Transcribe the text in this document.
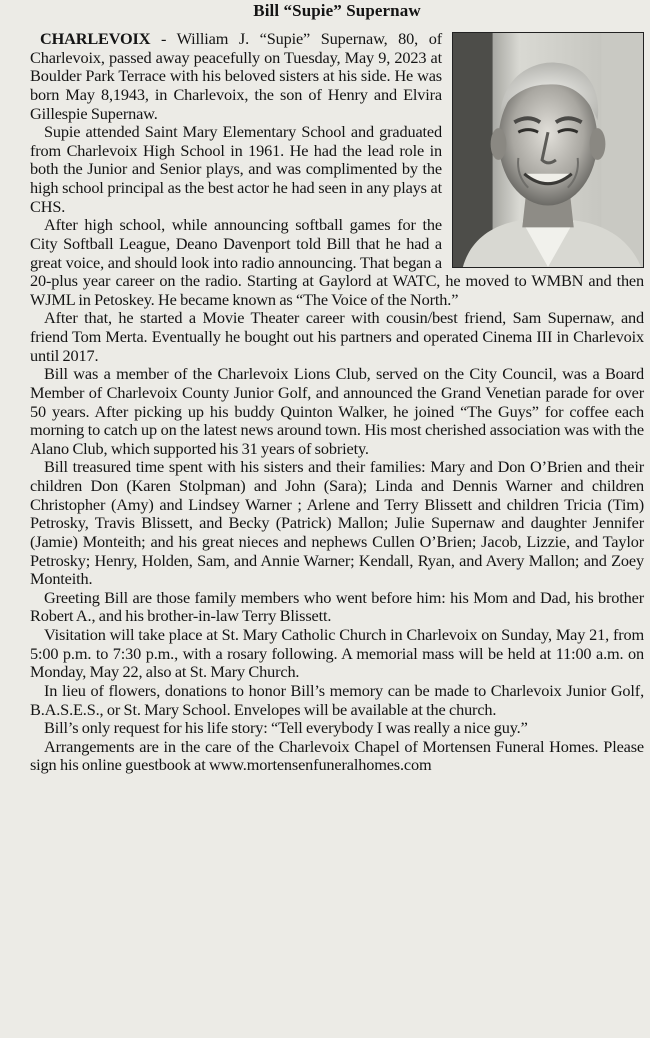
Bill “Supie” Supernaw

CHARLEVOIX - William J. “Supie” Supernaw, 80, of Charlevoix, passed away peacefully on Tuesday, May 9, 2023 at Boulder Park Terrace with his beloved sisters at his side. He was born May 8,1943, in Charlevoix, the son of Henry and Elvira Gillespie Supernaw.

Supie attended Saint Mary Elementary School and graduated from Charlevoix High School in 1961. He had the lead role in both the Junior and Senior plays, and was complimented by the high school principal as the best actor he had seen in any plays at CHS.

After high school, while announcing softball games for the City Softball League, Deano Davenport told Bill that he had a great voice, and should look into radio announcing. That began a 20-plus year career on the radio. Starting at Gaylord at WATC, he moved to WMBN and then WJML in Petoskey. He became known as “The Voice of the North.”

After that, he started a Movie Theater career with cousin/best friend, Sam Supernaw, and friend Tom Merta. Eventually he bought out his partners and operated Cinema III in Charlevoix until 2017.

Bill was a member of the Charlevoix Lions Club, served on the City Council, was a Board Member of Charlevoix County Junior Golf, and announced the Grand Venetian parade for over 50 years. After picking up his buddy Quinton Walker, he joined “The Guys” for coffee each morning to catch up on the latest news around town. His most cherished association was with the Alano Club, which supported his 31 years of sobriety.

Bill treasured time spent with his sisters and their families: Mary and Don O’Brien and their children Don (Karen Stolpman) and John (Sara); Linda and Dennis Warner and children Christopher (Amy) and Lindsey Warner ; Arlene and Terry Blissett and children Tricia (Tim) Petrosky, Travis Blissett, and Becky (Patrick) Mallon; Julie Supernaw and daughter Jennifer (Jamie) Monteith; and his great nieces and nephews Cullen O’Brien; Jacob, Lizzie, and Taylor Petrosky; Henry, Holden, Sam, and Annie Warner; Kendall, Ryan, and Avery Mallon; and Zoey Monteith.

Greeting Bill are those family members who went before him: his Mom and Dad, his brother Robert A., and his brother-in-law Terry Blissett.

Visitation will take place at St. Mary Catholic Church in Charlevoix on Sunday, May 21, from 5:00 p.m. to 7:30 p.m., with a rosary following. A memorial mass will be held at 11:00 a.m. on Monday, May 22, also at St. Mary Church.

In lieu of flowers, donations to honor Bill’s memory can be made to Charlevoix Junior Golf, B.A.S.E.S., or St. Mary School. Envelopes will be available at the church.

Bill’s only request for his life story: “Tell everybody I was really a nice guy.”

Arrangements are in the care of the Charlevoix Chapel of Mortensen Funeral Homes. Please sign his online guestbook at www.mortensenfuneralhomes.com
